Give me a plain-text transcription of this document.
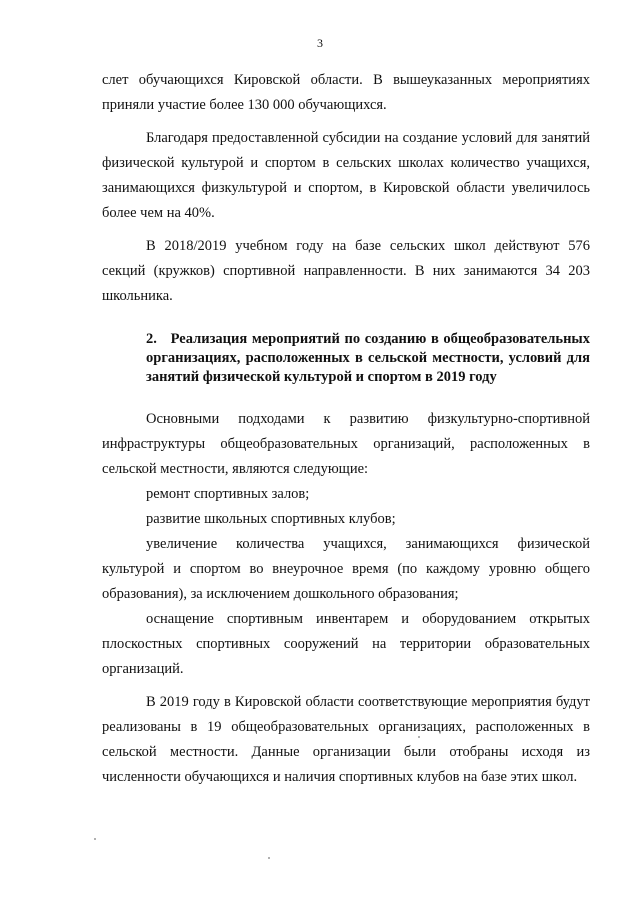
3

слет обучающихся Кировской области. В вышеуказанных мероприятиях приняли участие более 130 000 обучающихся.

Благодаря предоставленной субсидии на создание условий для занятий физической культурой и спортом в сельских школах количество учащихся, занимающихся физкультурой и спортом, в Кировской области увеличилось более чем на 40%.

В 2018/2019 учебном году на базе сельских школ действуют 576 секций (кружков) спортивной направленности. В них занимаются 34 203 школьника.

2. Реализация мероприятий по созданию в общеобразовательных организациях, расположенных в сельской местности, условий для занятий физической культурой и спортом в 2019 году

Основными подходами к развитию физкультурно-спортивной инфраструктуры общеобразовательных организаций, расположенных в сельской местности, являются следующие:

ремонт спортивных залов;

развитие школьных спортивных клубов;

увеличение количества учащихся, занимающихся физической культурой и спортом во внеурочное время (по каждому уровню общего образования), за исключением дошкольного образования;

оснащение спортивным инвентарем и оборудованием открытых плоскостных спортивных сооружений на территории образовательных организаций.

В 2019 году в Кировской области соответствующие мероприятия будут реализованы в 19 общеобразовательных организациях, расположенных в сельской местности. Данные организации были отобраны исходя из численности обучающихся и наличия спортивных клубов на базе этих школ.
